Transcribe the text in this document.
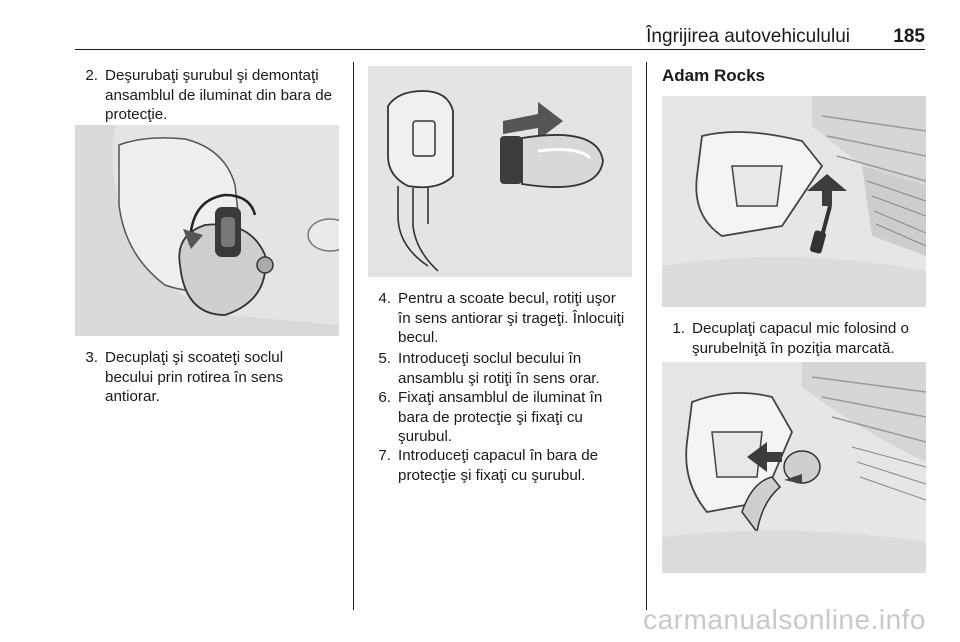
Îngrijirea autovehiculului 185
2. Deşurubaţi şurubul şi demontaţi
ansamblul de iluminat din bara de
protecţie.
3. Decuplaţi şi scoateţi soclul
becului prin rotirea în sens
antiorar.
4. Pentru a scoate becul, rotiţi uşor
în sens antiorar şi trageţi. Înlocuiţi
becul.
5. Introduceţi soclul becului în
ansamblu şi rotiţi în sens orar.
6. Fixaţi ansamblul de iluminat în
bara de protecţie şi fixaţi cu
şurubul.
7. Introduceţi capacul în bara de
protecţie şi fixaţi cu şurubul.
Adam Rocks
1. Decuplaţi capacul mic folosind o
şurubelniţă în poziţia marcată.
carmanualsonline.info
